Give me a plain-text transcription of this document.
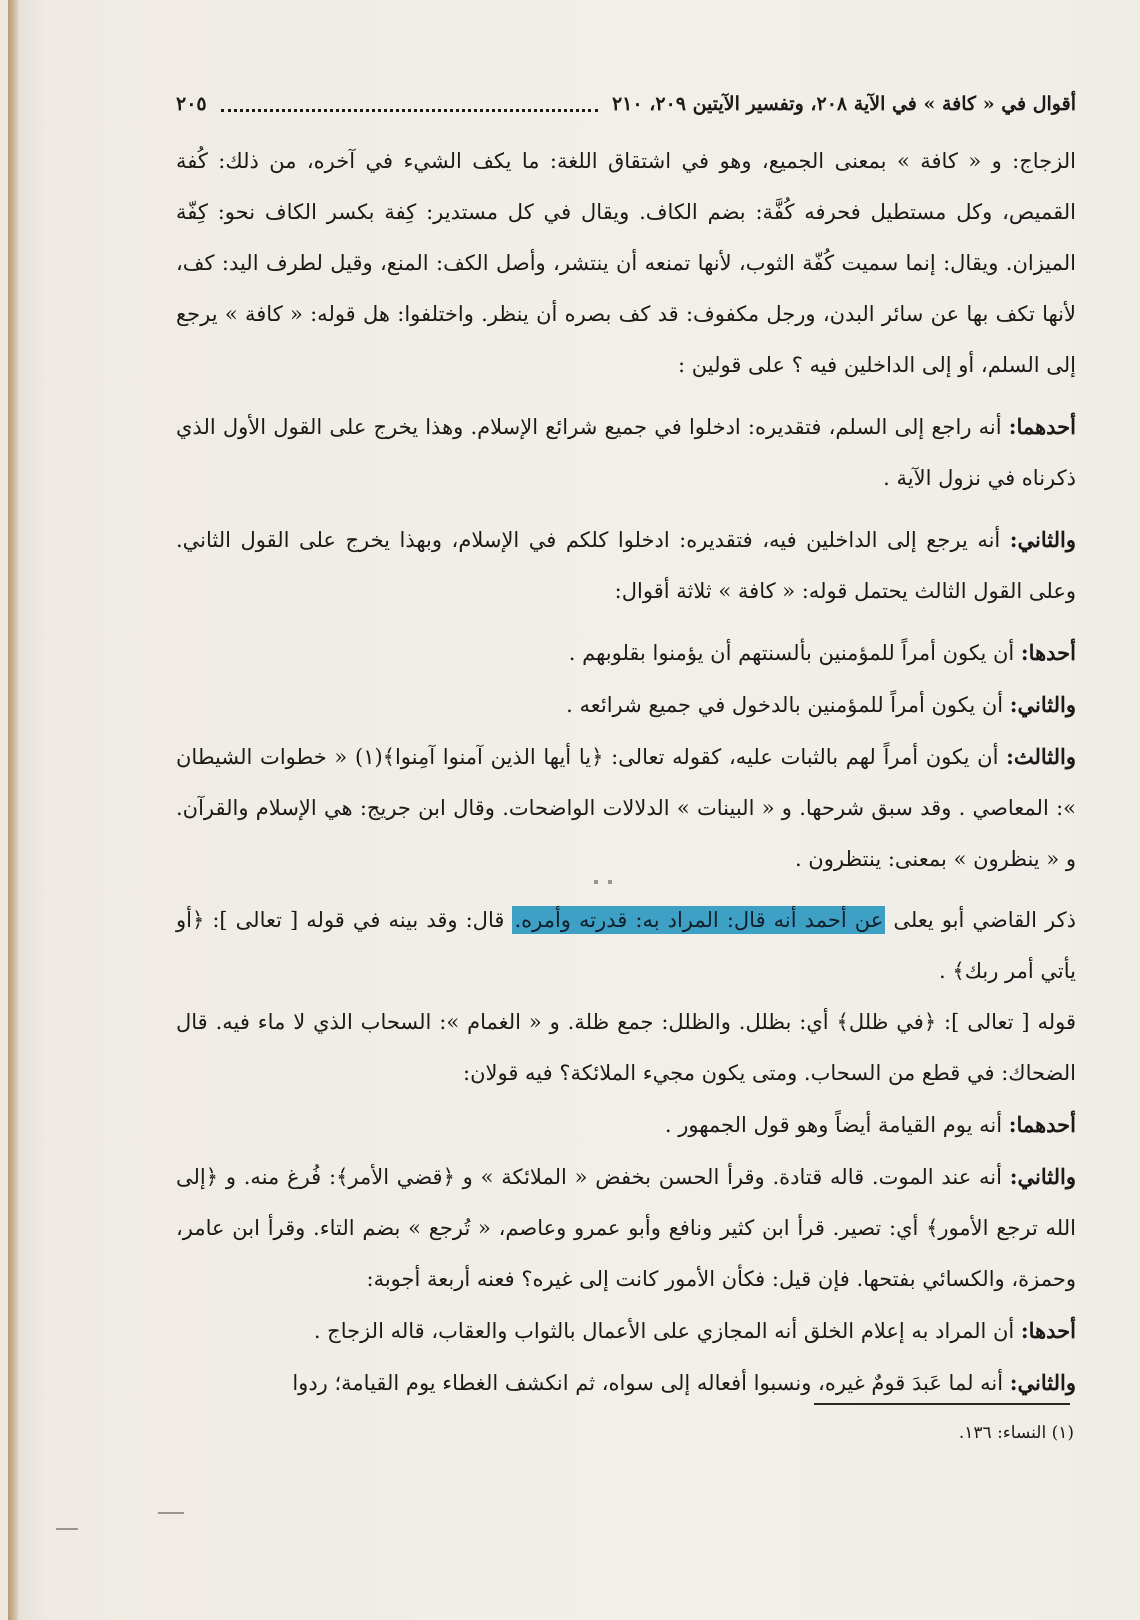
أقوال في « كافة » في الآية ٢٠٨، وتفسير الآيتين ٢٠٩، ٢١٠
٢٠٥

الزجاج: و « كافة » بمعنى الجميع، وهو في اشتقاق اللغة: ما يكف الشيء في آخره، من ذلك: كُفة القميص، وكل مستطيل فحرفه كُفَّة: بضم الكاف. ويقال في كل مستدير: كِفة بكسر الكاف نحو: كِفّة الميزان. ويقال: إنما سميت كُفّة الثوب، لأنها تمنعه أن ينتشر، وأصل الكف: المنع، وقيل لطرف اليد: كف، لأنها تكف بها عن سائر البدن، ورجل مكفوف: قد كف بصره أن ينظر. واختلفوا: هل قوله: « كافة » يرجع إلى السلم، أو إلى الداخلين فيه ؟ على قولين :

أحدهما: أنه راجع إلى السلم، فتقديره: ادخلوا في جميع شرائع الإسلام. وهذا يخرج على القول الأول الذي ذكرناه في نزول الآية .

والثاني: أنه يرجع إلى الداخلين فيه، فتقديره: ادخلوا كلكم في الإسلام، وبهذا يخرج على القول الثاني. وعلى القول الثالث يحتمل قوله: « كافة » ثلاثة أقوال:

أحدها: أن يكون أمراً للمؤمنين بألسنتهم أن يؤمنوا بقلوبهم .

والثاني: أن يكون أمراً للمؤمنين بالدخول في جميع شرائعه .

والثالث: أن يكون أمراً لهم بالثبات عليه، كقوله تعالى: ﴿يا أيها الذين آمنوا آمِنوا﴾(١) « خطوات الشيطان »: المعاصي . وقد سبق شرحها. و « البينات » الدلالات الواضحات. وقال ابن جريج: هي الإسلام والقرآن. و « ينظرون » بمعنى: ينتظرون .

ذكر القاضي أبو يعلى عن أحمد أنه قال: المراد به: قدرته وأمره. قال: وقد بينه في قوله [ تعالى ]: ﴿أو يأتي أمر ربك﴾ .

قوله [ تعالى ]: ﴿في ظلل﴾ أي: بظلل. والظلل: جمع ظلة. و « الغمام »: السحاب الذي لا ماء فيه. قال الضحاك: في قطع من السحاب. ومتى يكون مجيء الملائكة؟ فيه قولان:

أحدهما: أنه يوم القيامة أيضاً وهو قول الجمهور .

والثاني: أنه عند الموت. قاله قتادة. وقرأ الحسن بخفض « الملائكة » و ﴿قضي الأمر﴾: فُرغ منه. و ﴿إلى الله ترجع الأمور﴾ أي: تصير. قرأ ابن كثير ونافع وأبو عمرو وعاصم، « تُرجع » بضم التاء. وقرأ ابن عامر، وحمزة، والكسائي بفتحها. فإن قيل: فكأن الأمور كانت إلى غيره؟ فعنه أربعة أجوبة:

أحدها: أن المراد به إعلام الخلق أنه المجازي على الأعمال بالثواب والعقاب، قاله الزجاج .

والثاني: أنه لما عَبدَ قومٌ غيره، ونسبوا أفعاله إلى سواه، ثم انكشف الغطاء يوم القيامة؛ ردوا

(١) النساء: ١٣٦.
